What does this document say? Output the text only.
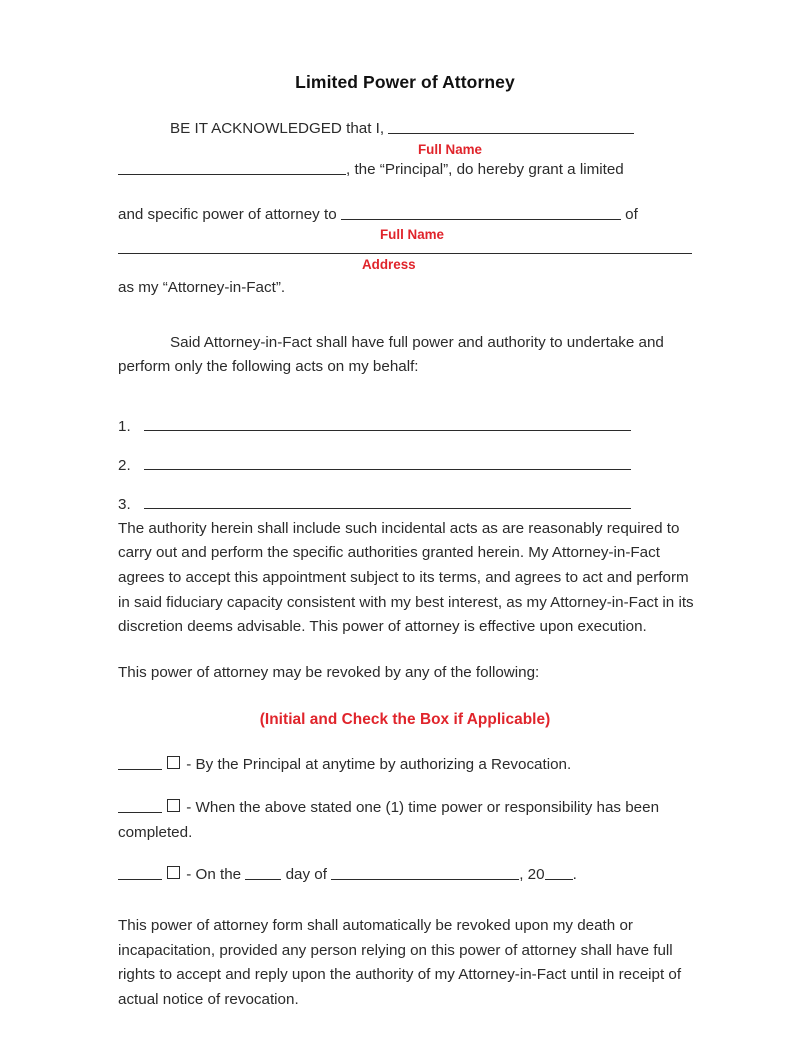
Limited Power of Attorney

BE IT ACKNOWLEDGED that I,

Full Name

, the “Principal”, do hereby grant a limited

and specific power of attorney to	of

Full Name
Address

as my “Attorney-in-Fact”.

Said Attorney-in-Fact shall have full power and authority to undertake and perform only the following acts on my behalf:

1.
2.
3.

The authority herein shall include such incidental acts as are reasonably required to carry out and perform the specific authorities granted herein. My Attorney-in-Fact agrees to accept this appointment subject to its terms, and agrees to act and perform in said fiduciary capacity consistent with my best interest, as my Attorney-in-Fact in its discretion deems advisable. This power of attorney is effective upon execution.

This power of attorney may be revoked by any of the following:

(Initial and Check the Box if Applicable)

- By the Principal at anytime by authorizing a Revocation.

- When the above stated one (1) time power or responsibility has been completed.

- On the	day of	, 20 .

This power of attorney form shall automatically be revoked upon my death or incapacitation, provided any person relying on this power of attorney shall have full rights to accept and reply upon the authority of my Attorney-in-Fact until in receipt of actual notice of revocation.
